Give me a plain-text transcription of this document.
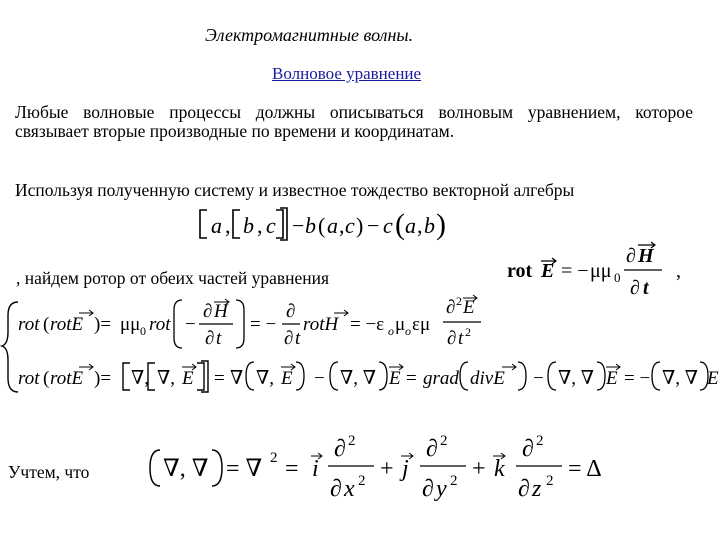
Электромагнитные волны.
Волновое уравнение
Любые волновые процессы должны описываться волновым уравнением, которое связывает вторые производные по времени и координатам.
Используя полученную систему и известное тождество векторной алгебры
, найдем ротор от обеих частей уравнения
Учтем, что
a , b , c − b ( a , c ) − c ( a , b )
rot E = − μμ 0
∂ H
∂ t
,
rot ( rotE )= μμ 0 rot −
∂ H
∂ t
= −
∂
∂ t
rotH = −ε o μ o εμ
∂ 2 E
∂ t 2
rot ( rotE )= ∇, ∇, E = ∇ ∇, E − ∇, ∇ E = grad divE − ∇, ∇ E = − ∇, ∇ E
∇, ∇ = ∇ 2 = i
∂ 2
∂ x 2 + j
∂ 2
∂ y 2 + k
∂ 2
∂ z 2 = Δ
